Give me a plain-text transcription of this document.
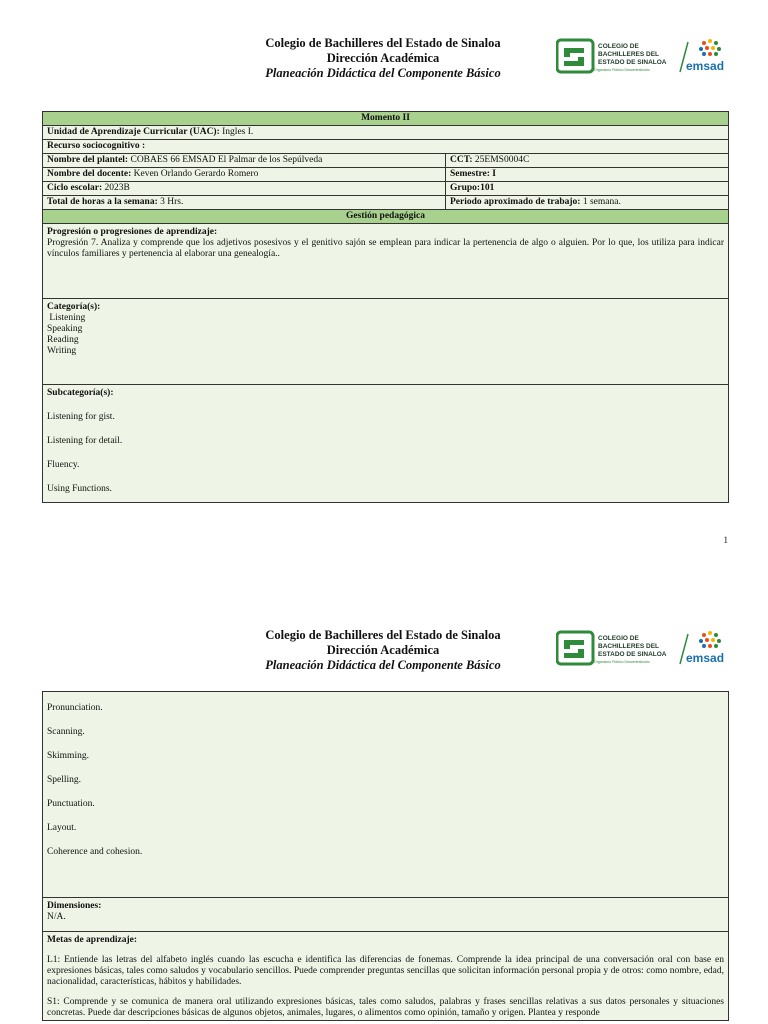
Colegio de Bachilleres del Estado de Sinaloa
Dirección Académica
Planeación Didáctica del Componente Básico
COLEGIO DE
BACHILLERES DEL
ESTADO DE SINALOA
Organismo Público Descentralizado	emsad
Momento II	
Unidad de Aprendizaje Curricular (UAC): Ingles I.	
Recurso sociocognitivo :	
Nombre del plantel: COBAES 66 EMSAD El Palmar de los Sepúlveda	CCT: 25EMS0004C
Nombre del docente: Keven Orlando Gerardo Romero	Semestre: I
Ciclo escolar: 2023B	Grupo:101
Total de horas a la semana: 3 Hrs.	Periodo aproximado de trabajo: 1 semana.
Gestión pedagógica	
Progresión o progresiones de aprendizaje:
Progresión 7. Analiza y comprende que los adjetivos posesivos y el genitivo sajón se emplean para indicar la pertenencia de algo o alguien. Por lo que, los utiliza para indicar vínculos familiares y pertenencia al elaborar una genealogía..	
Categoría(s):
Listening
Speaking
Reading
Writing	

Subcategoría(s):
Listening for gist.
Listening for detail.
Fluency.
Using Functions.	
1
Colegio de Bachilleres del Estado de Sinaloa
Dirección Académica
Planeación Didáctica del Componente Básico
COLEGIO DE
BACHILLERES DEL
ESTADO DE SINALOA
Organismo Público Descentralizado	emsad
Pronunciation.
Scanning.
Skimming.
Spelling.
Punctuation.
Layout.
Coherence and cohesion.

Dimensiones:
N/A.

Metas de aprendizaje:
L1: Entiende las letras del alfabeto inglés cuando las escucha e identifica las diferencias de fonemas. Comprende la idea principal de una conversación oral con base en expresiones básicas, tales como saludos y vocabulario sencillos. Puede comprender preguntas sencillas que solicitan información personal propia y de otros: como nombre, edad, nacionalidad, características, hábitos y habilidades.
S1: Comprende y se comunica de manera oral utilizando expresiones básicas, tales como saludos, palabras y frases sencillas relativas a sus datos personales y situaciones concretas. Puede dar descripciones básicas de algunos objetos, animales, lugares, o alimentos como opinión, tamaño y origen. Plantea y responde
